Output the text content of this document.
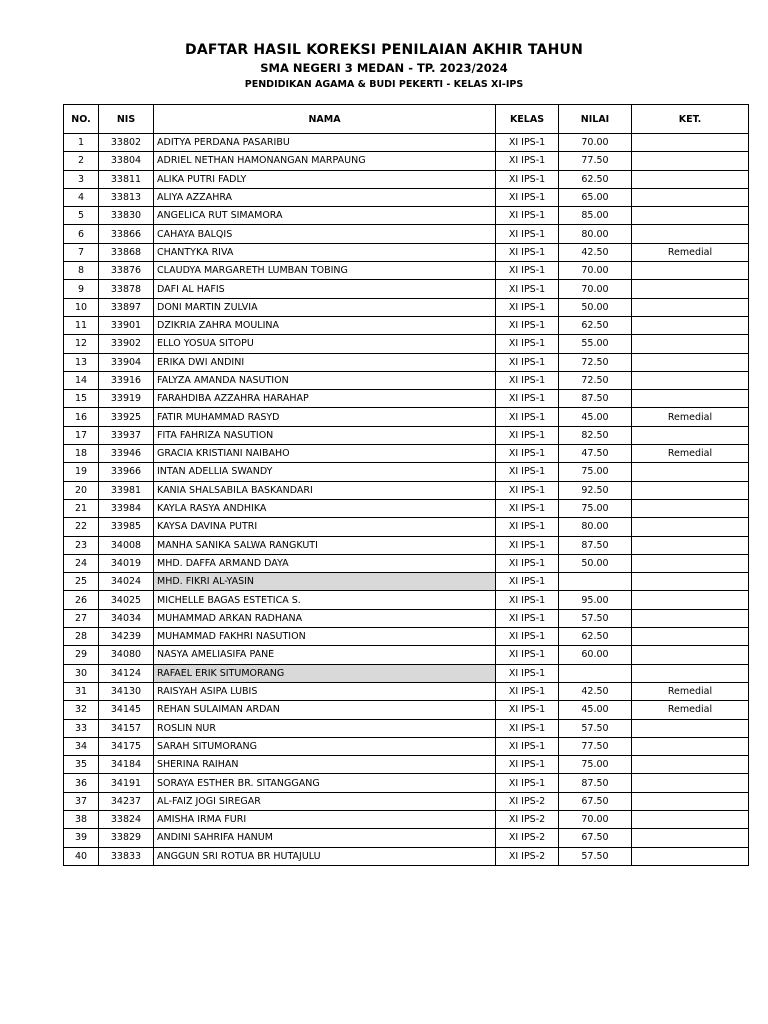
DAFTAR HASIL KOREKSI PENILAIAN AKHIR TAHUN
SMA NEGERI 3 MEDAN - TP. 2023/2024
PENDIDIKAN AGAMA & BUDI PEKERTI - KELAS XI-IPS
NO.	NIS	NAMA	KELAS	NILAI	KET.
1	33802	ADITYA PERDANA PASARIBU	XI IPS-1	70.00	
2	33804	ADRIEL NETHAN HAMONANGAN MARPAUNG	XI IPS-1	77.50	
3	33811	ALIKA PUTRI FADLY	XI IPS-1	62.50	
4	33813	ALIYA AZZAHRA	XI IPS-1	65.00	
5	33830	ANGELICA RUT SIMAMORA	XI IPS-1	85.00	
6	33866	CAHAYA BALQIS	XI IPS-1	80.00	
7	33868	CHANTYKA RIVA	XI IPS-1	42.50	Remedial
8	33876	CLAUDYA MARGARETH LUMBAN TOBING	XI IPS-1	70.00	
9	33878	DAFI AL HAFIS	XI IPS-1	70.00	
10	33897	DONI MARTIN ZULVIA	XI IPS-1	50.00	
11	33901	DZIKRIA ZAHRA MOULINA	XI IPS-1	62.50	
12	33902	ELLO YOSUA SITOPU	XI IPS-1	55.00	
13	33904	ERIKA DWI ANDINI	XI IPS-1	72.50	
14	33916	FALYZA AMANDA NASUTION	XI IPS-1	72.50	
15	33919	FARAHDIBA AZZAHRA HARAHAP	XI IPS-1	87.50	
16	33925	FATIR MUHAMMAD RASYD	XI IPS-1	45.00	Remedial
17	33937	FITA FAHRIZA NASUTION	XI IPS-1	82.50	
18	33946	GRACIA KRISTIANI NAIBAHO	XI IPS-1	47.50	Remedial
19	33966	INTAN ADELLIA SWANDY	XI IPS-1	75.00	
20	33981	KANIA SHALSABILA BASKANDARI	XI IPS-1	92.50	
21	33984	KAYLA RASYA ANDHIKA	XI IPS-1	75.00	
22	33985	KAYSA DAVINA PUTRI	XI IPS-1	80.00	
23	34008	MANHA SANIKA SALWA RANGKUTI	XI IPS-1	87.50	
24	34019	MHD. DAFFA ARMAND DAYA	XI IPS-1	50.00	
25	34024	MHD. FIKRI AL-YASIN	XI IPS-1		
26	34025	MICHELLE BAGAS ESTETICA S.	XI IPS-1	95.00	
27	34034	MUHAMMAD ARKAN RADHANA	XI IPS-1	57.50	
28	34239	MUHAMMAD FAKHRI NASUTION	XI IPS-1	62.50	
29	34080	NASYA AMELIASIFA PANE	XI IPS-1	60.00	
30	34124	RAFAEL ERIK SITUMORANG	XI IPS-1		
31	34130	RAISYAH ASIPA LUBIS	XI IPS-1	42.50	Remedial
32	34145	REHAN SULAIMAN ARDAN	XI IPS-1	45.00	Remedial
33	34157	ROSLIN NUR	XI IPS-1	57.50	
34	34175	SARAH SITUMORANG	XI IPS-1	77.50	
35	34184	SHERINA RAIHAN	XI IPS-1	75.00	
36	34191	SORAYA ESTHER BR. SITANGGANG	XI IPS-1	87.50	
37	34237	AL-FAIZ JOGI SIREGAR	XI IPS-2	67.50	
38	33824	AMISHA IRMA FURI	XI IPS-2	70.00	
39	33829	ANDINI SAHRIFA HANUM	XI IPS-2	67.50	
40	33833	ANGGUN SRI ROTUA BR HUTAJULU	XI IPS-2	57.50	
